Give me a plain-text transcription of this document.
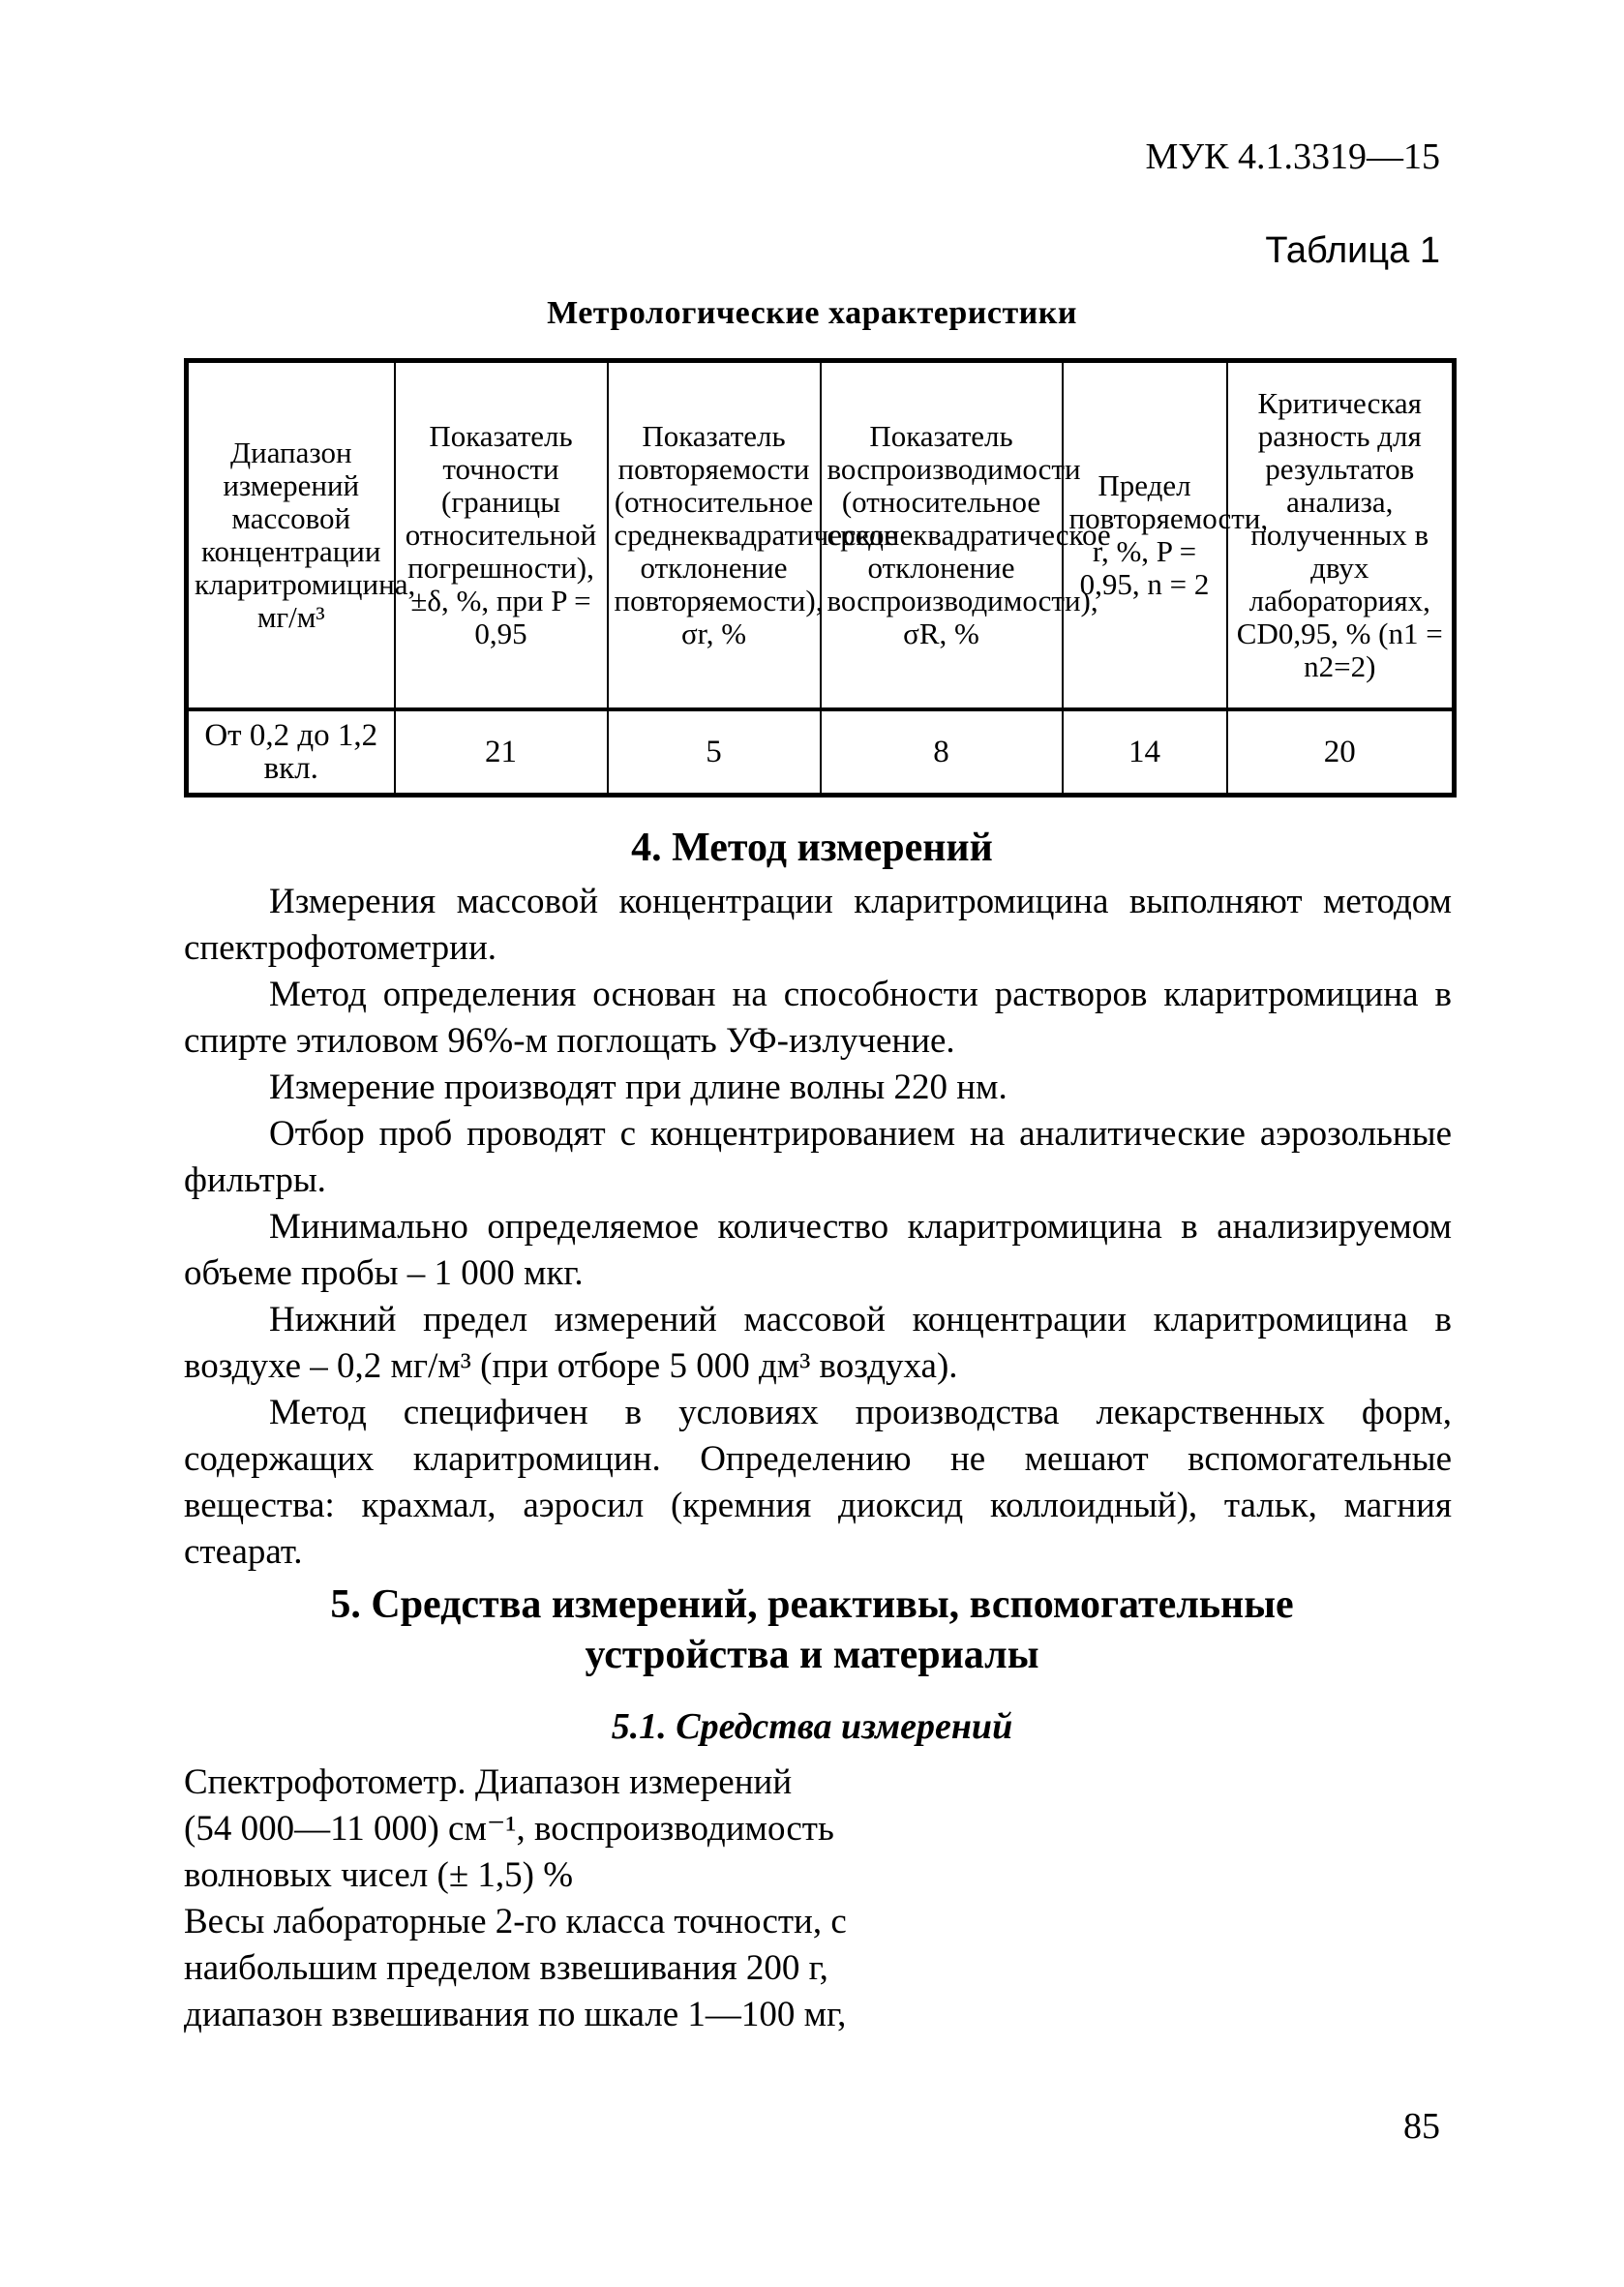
МУК 4.1.3319—15
Таблица 1
Метрологические характеристики
Диапазон измерений массовой концентрации кларитромицина, мг/м³	Показатель точности (границы относительной погрешности), ±δ, %, при P = 0,95	Показатель повторяемости (относительное среднеквадратическое отклонение повторяемости), σr, %	Показатель воспроизводимости (относительное среднеквадратическое отклонение воспроизводимости), σR, %	Предел повторяемости, r, %, P = 0,95, n = 2	Критическая разность для результатов анализа, полученных в двух лабораториях, CD0,95, % (n1 = n2=2)
От 0,2 до 1,2 вкл.	21	5	8	14	20
4. Метод измерений

Измерения массовой концентрации кларитромицина выполняют методом спектрофотометрии.

Метод определения основан на способности растворов кларитромицина в спирте этиловом 96%-м поглощать УФ-излучение.

Измерение производят при длине волны 220 нм.

Отбор проб проводят с концентрированием на аналитические аэрозольные фильтры.

Минимально определяемое количество кларитромицина в анализируемом объеме пробы – 1 000 мкг.

Нижний предел измерений массовой концентрации кларитромицина в воздухе – 0,2 мг/м³ (при отборе 5 000 дм³ воздуха).

Метод специфичен в условиях производства лекарственных форм, содержащих кларитромицин. Определению не мешают вспомогательные вещества: крахмал, аэросил (кремния диоксид коллоидный), тальк, магния стеарат.

5. Средства измерений, реактивы, вспомогательные
устройства и материалы
5.1. Средства измерений
Спектрофотометр. Диапазон измерений
(54 000—11 000) см⁻¹, воспроизводимость
волновых чисел (± 1,5) %
Весы лабораторные 2-го класса точности, с
наибольшим пределом взвешивания 200 г,
диапазон взвешивания по шкале 1—100 мг,
85
